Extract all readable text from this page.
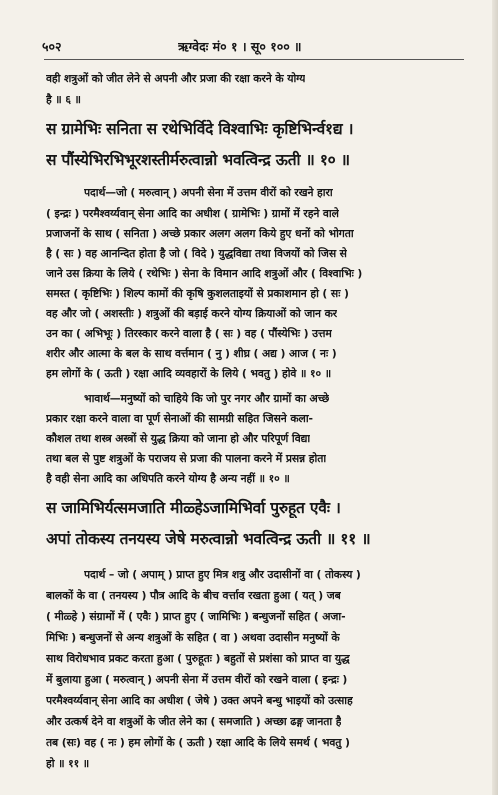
५०२	ऋग्वेदः मं० १ । सू० १०० ॥
वही शत्रुओं को जीत लेने से अपनी और प्रजा की रक्षा करने के योग्य
है ॥ ६ ॥
स ग्रामेभिः सनिता स रथेभिर्विदे विश्वाभिः कृष्टिभिर्न्व१द्य ।
स पौंस्येभिरभिभूरशस्तीर्मरुत्वान्नो भवत्विन्द्र ऊती ॥ १० ॥
पदार्थ—जो ( मरुत्वान् ) अपनी सेना में उत्तम वीरों को रखने हारा
( इन्द्रः ) परमैश्वर्य्यवान् सेना आदि का अधीश ( ग्रामेभिः ) ग्रामों में रहने वाले
प्रजाजनों के साथ ( सनिता ) अच्छे प्रकार अलग अलग किये हुए धनों को भोगता
है ( सः ) वह आनन्दित होता है जो ( विदे ) युद्धविद्या तथा विजयों को जिस से
जाने उस क्रिया के लिये ( रथेभिः ) सेना के विमान आदि शत्रुओं और ( विश्वाभिः )
समस्त ( कृष्टिभिः ) शिल्प कामों की कृषि कुशलताइयों से प्रकाशमान हो ( सः )
वह और जो ( अशस्तीः ) शत्रुओं की बड़ाई करने योग्य क्रियाओं को जान कर
उन का ( अभिभूः ) तिरस्कार करने वाला है ( सः ) वह ( पौंस्येभिः ) उत्तम
शरीर और आत्मा के बल के साथ वर्त्तमान ( नु ) शीघ्र ( अद्य ) आज ( नः )
हम लोगों के ( ऊती ) रक्षा आदि व्यवहारों के लिये ( भवतु ) होवे ॥ १० ॥
भावार्थ—मनुष्यों को चाहिये कि जो पुर नगर और ग्रामों का अच्छे
प्रकार रक्षा करने वाला वा पूर्ण सेनाओं की सामग्री सहित जिसने कला-
कौशल तथा शस्त्र अस्त्रों से युद्ध क्रिया को जाना हो और परिपूर्ण विद्या
तथा बल से पुष्ट शत्रुओं के पराजय से प्रजा की पालना करने में प्रसन्न होता
है वही सेना आदि का अधिपति करने योग्य है अन्य नहीं ॥ १० ॥
स जामिभिर्यत्समजाति मीळ्हेऽजामिभिर्वा पुरुहूत एवैः ।
अपां तोकस्य तनयस्य जेषे मरुत्वान्नो भवत्विन्द्र ऊती ॥ ११ ॥
पदार्थ – जो ( अपाम् ) प्राप्त हुए मित्र शत्रु और उदासीनों वा ( तोकस्य )
बालकों के वा ( तनयस्य ) पौत्र आदि के बीच वर्त्ताव रखता हुआ ( यत् ) जब
( मीळ्हे ) संग्रामों में ( एवैः ) प्राप्त हुए ( जामिभिः ) बन्धुजनों सहित ( अजा-
मिभिः ) बन्धुजनों से अन्य शत्रुओं के सहित ( वा ) अथवा उदासीन मनुष्यों के
साथ विरोधभाव प्रकट करता हुआ ( पुरुहूतः ) बहुतों से प्रशंसा को प्राप्त वा युद्ध
में बुलाया हुआ ( मरुत्वान् ) अपनी सेना में उत्तम वीरों को रखने वाला ( इन्द्रः )
परमैश्वर्य्यवान् सेना आदि का अधीश ( जेषे ) उक्त अपने बन्धु भाइयों को उत्साह
और उत्कर्ष देने वा शत्रुओं के जीत लेने का ( समजाति ) अच्छा ढङ्ग जानता है
तब (सः) वह ( नः ) हम लोगों के ( ऊती ) रक्षा आदि के लिये समर्थ ( भवतु )
हो ॥ ११ ॥
